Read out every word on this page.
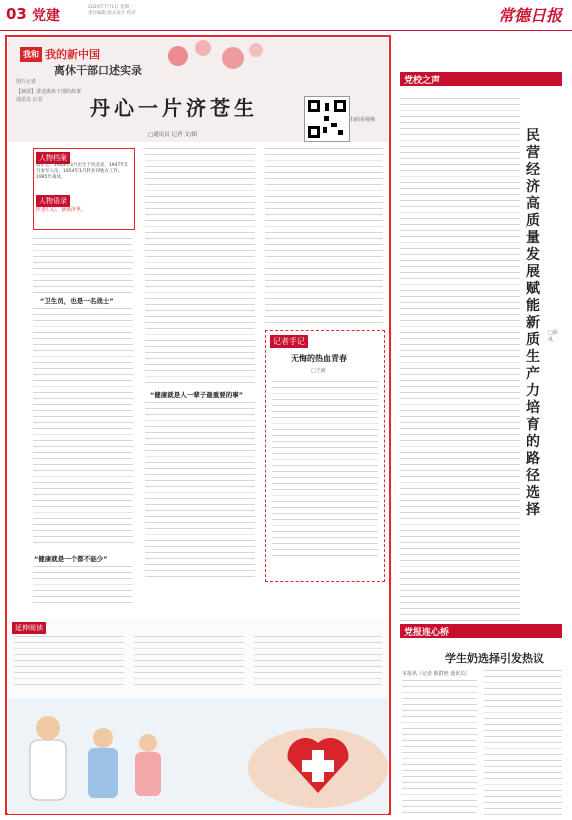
03 党建
2024年7月1日 星期一
责任编辑 版式设计 校对	常德日报
我和 我的新中国
离休干部口述实录
图片记者
【摘要】讲述离休干部的故事
通讯员 记者
扫码看视频
丹心一片济苍生
□通讯员 记者 文/图
人物档案
高正忠，1933年3月出生于河北省，1947年5月参军入伍，1954年1月转业到地方工作。1985年离休。
人物语录
医者仁心，悬壶济世。
“卫生员，也是一名战士”
“健康就是一个都不能少”
“健康就是人一辈子最重要的事”
记者手记
无悔的热血青春
□王敏
延伸阅读
党校之声
民营经济高质量发展赋能新质生产力培育的路径选择
□徐凤
党报连心桥
学生奶选择引发热议
本报讯（记者 陈群艳 通讯员）
